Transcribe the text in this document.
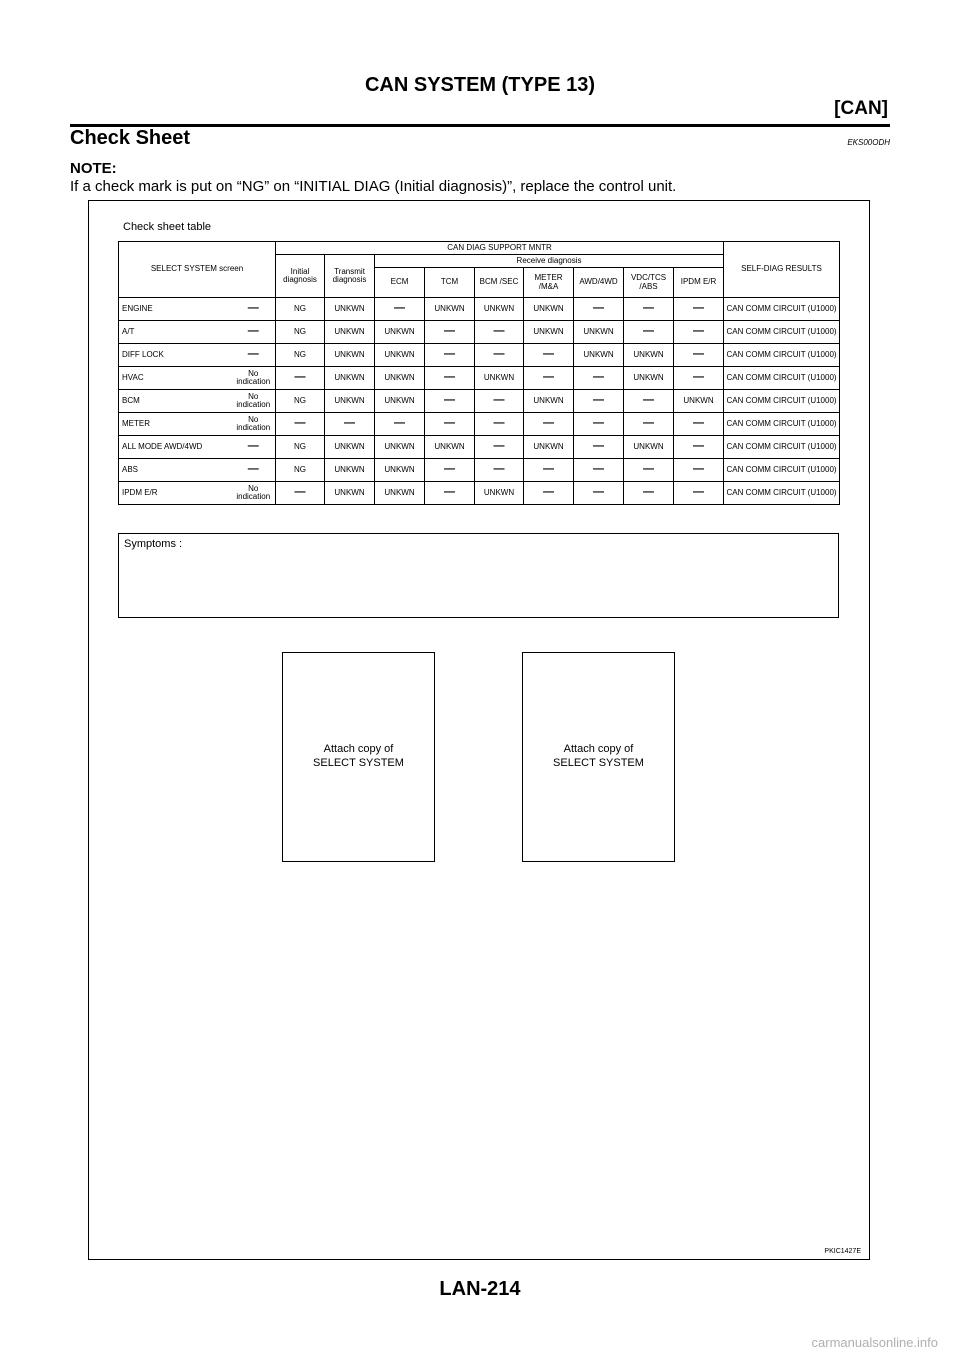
CAN SYSTEM (TYPE 13)
[CAN]
Check Sheet	EKS00ODH
NOTE:
If a check mark is put on “NG” on “INITIAL DIAG (Initial diagnosis)”, replace the control unit.
Check sheet table
SELECT SYSTEM screen		CAN DIAG SUPPORT MNTR									SELF-DIAG RESULTS
		Initial diagnosis	Transmit diagnosis	Receive diagnosis							
				ECM	TCM	BCM /SEC	METER /M&A	AWD/4WD	VDC/TCS /ABS	IPDM E/R	
ENGINE	—	NG	UNKWN	—	UNKWN	UNKWN	UNKWN	—	—	—	CAN COMM CIRCUIT (U1000)
A/T	—	NG	UNKWN	UNKWN	—	—	UNKWN	UNKWN	—	—	CAN COMM CIRCUIT (U1000)
DIFF LOCK	—	NG	UNKWN	UNKWN	—	—	—	UNKWN	UNKWN	—	CAN COMM CIRCUIT (U1000)
HVAC	No indication	—	UNKWN	UNKWN	—	UNKWN	—	—	UNKWN	—	CAN COMM CIRCUIT (U1000)
BCM	No indication	NG	UNKWN	UNKWN	—	—	UNKWN	—	—	UNKWN	CAN COMM CIRCUIT (U1000)
METER	No indication	—	—	—	—	—	—	—	—	—	CAN COMM CIRCUIT (U1000)
ALL MODE AWD/4WD	—	NG	UNKWN	UNKWN	UNKWN	—	UNKWN	—	UNKWN	—	CAN COMM CIRCUIT (U1000)
ABS	—	NG	UNKWN	UNKWN	—	—	—	—	—	—	CAN COMM CIRCUIT (U1000)
IPDM E/R	No indication	—	UNKWN	UNKWN	—	UNKWN	—	—	—	—	CAN COMM CIRCUIT (U1000)
Symptoms :
Attach copy of
SELECT SYSTEM
Attach copy of
SELECT SYSTEM
PKIC1427E
LAN-214
carmanualsonline.info
